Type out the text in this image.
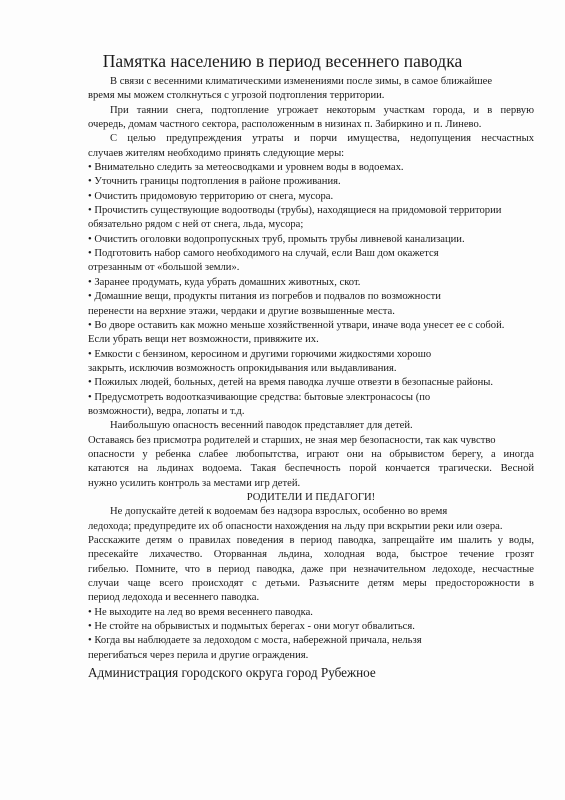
Памятка населению в период весеннего паводка
В связи с весенними климатическими изменениями после зимы, в самое ближайшее
время мы можем столкнуться с угрозой подтопления территории.
При таянии снега, подтопление угрожает некоторым участкам города, и в первую
очередь, домам частного сектора, расположенным в низинах п. Забиркино и п. Линево.
С целью предупреждения утраты и порчи имущества, недопущения несчастных
случаев жителям необходимо принять следующие меры:
• Внимательно следить за метеосводками и уровнем воды в водоемах.
• Уточнить границы подтопления в районе проживания.
• Очистить придомовую территорию от снега, мусора.
• Прочистить существующие водоотводы (трубы), находящиеся на придомовой территории
обязательно рядом с ней от снега, льда, мусора;
• Очистить оголовки водопропускных труб, промыть трубы ливневой канализации.
• Подготовить набор самого необходимого на случай, если Ваш дом окажется
отрезанным от «большой земли».
• Заранее продумать, куда убрать домашних животных, скот.
• Домашние вещи, продукты питания из погребов и подвалов по возможности
перенести на верхние этажи, чердаки и другие возвышенные места.
• Во дворе оставить как можно меньше хозяйственной утвари, иначе вода унесет ее с собой.
Если убрать вещи нет возможности, привяжите их.
• Емкости с бензином, керосином и другими горючими жидкостями хорошо
закрыть, исключив возможность опрокидывания или выдавливания.
• Пожилых людей, больных, детей на время паводка лучше отвезти в безопасные районы.
• Предусмотреть водоотказчивающие средства: бытовые электронасосы (по
возможности), ведра, лопаты и т.д.
Наибольшую опасность весенний паводок представляет для детей.
Оставаясь без присмотра родителей и старших, не зная мер безопасности, так как чувство
опасности у ребенка слабее любопытства, играют они на обрывистом берегу, а иногда
катаются на льдинах водоема. Такая беспечность порой кончается трагически. Весной
нужно усилить контроль за местами игр детей.
РОДИТЕЛИ И ПЕДАГОГИ!
Не допускайте детей к водоемам без надзора взрослых, особенно во время
ледохода; предупредите их об опасности нахождения на льду при вскрытии реки или озера.
Расскажите детям о правилах поведения в период паводка, запрещайте им шалить у воды,
пресекайте лихачество. Оторванная льдина, холодная вода, быстрое течение грозят
гибелью. Помните, что в период паводка, даже при незначительном ледоходе, несчастные
случаи чаще всего происходят с детьми. Разъясните детям меры предосторожности в
период ледохода и весеннего паводка.
• Не выходите на лед во время весеннего паводка.
• Не стойте на обрывистых и подмытых берегах - они могут обвалиться.
• Когда вы наблюдаете за ледоходом с моста, набережной причала, нельзя
перегибаться через перила и другие ограждения.
Администрация городского округа город Рубежное
